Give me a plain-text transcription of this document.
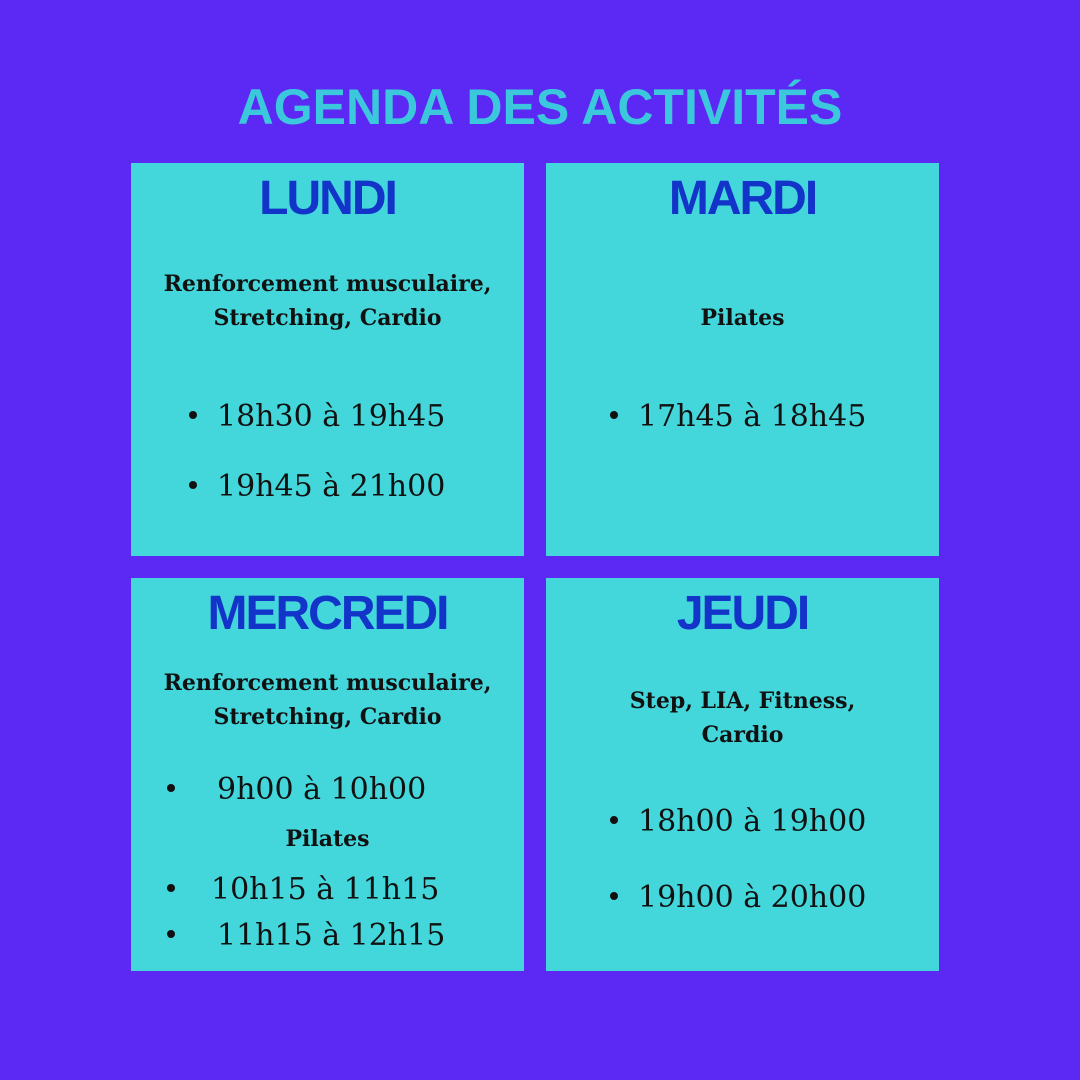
AGENDA DES ACTIVITÉS
LUNDI

Renforcement musculaire, Stretching, Cardio

18h30 à 19h45
19h45 à 21h00
MARDI

Pilates

17h45 à 18h45
MERCREDI

Renforcement musculaire, Stretching, Cardio

9h00 à 10h00

Pilates

10h15 à 11h15
11h15 à 12h15
JEUDI

Step, LIA, Fitness, Cardio

18h00 à 19h00
19h00 à 20h00
